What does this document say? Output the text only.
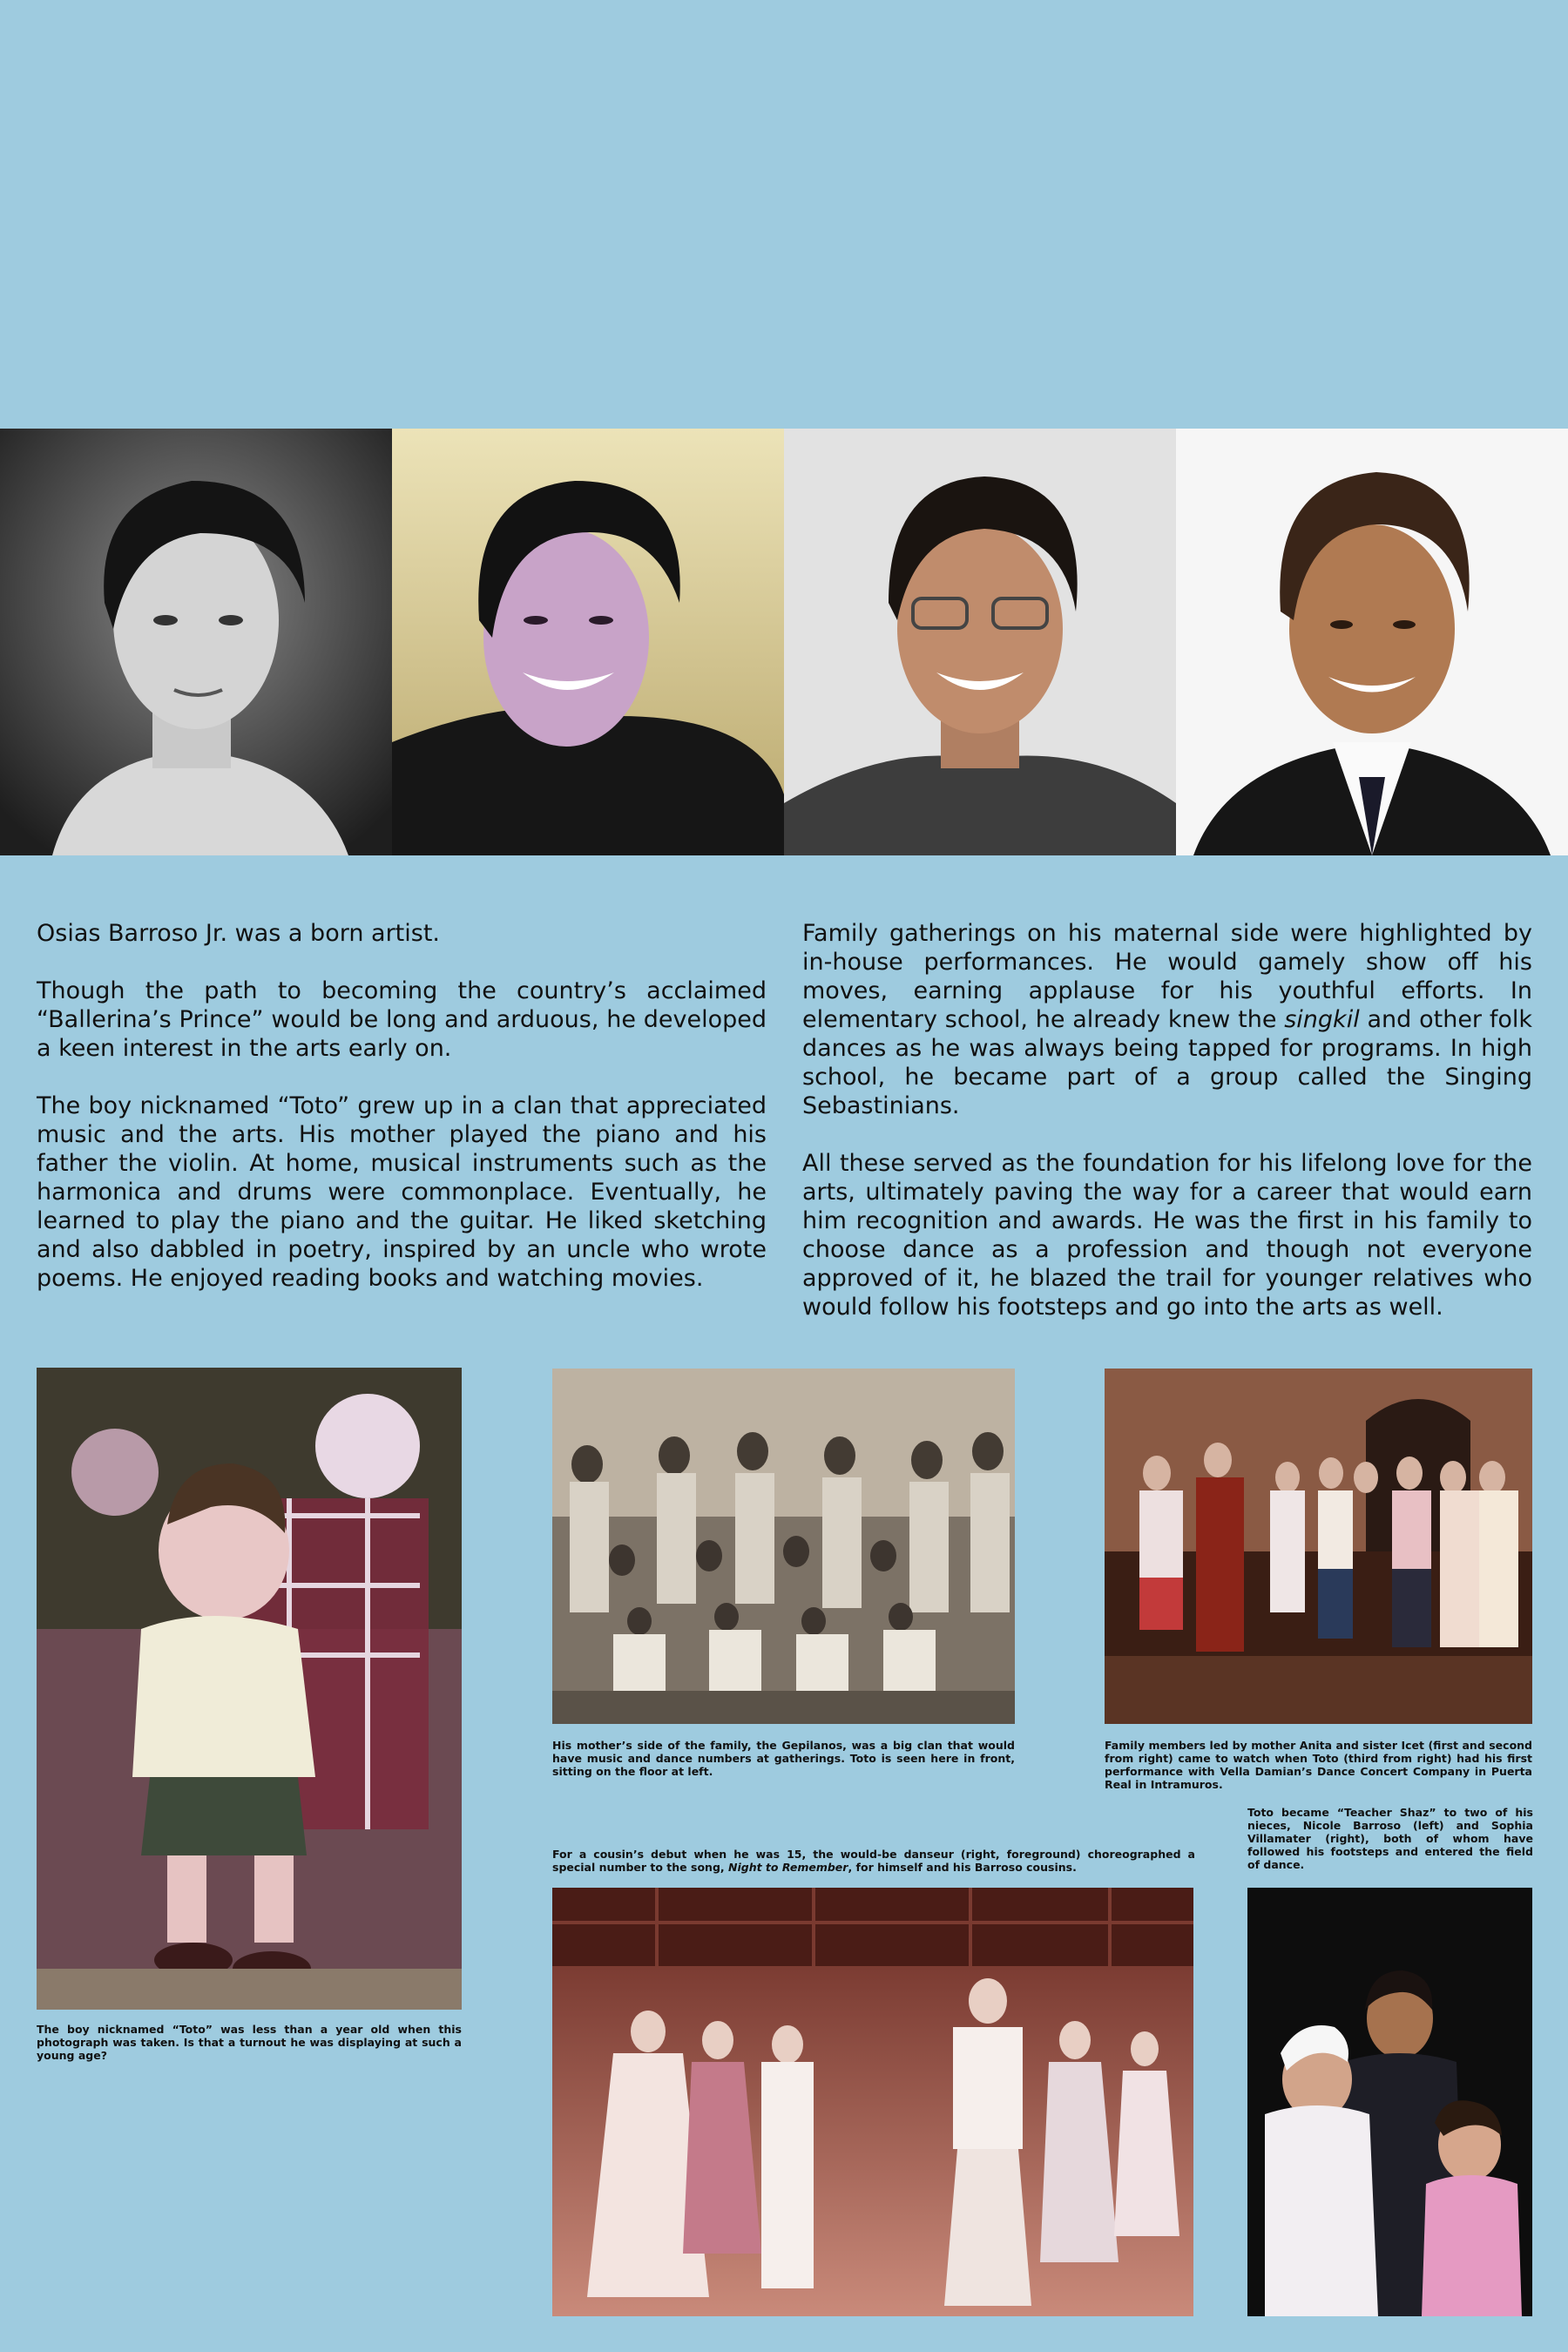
Osias Barroso Jr. was a born artist.

Though the path to becoming the country’s acclaimed “Ballerina’s Prince” would be long and arduous, he developed a keen interest in the arts early on.

The boy nicknamed “Toto” grew up in a clan that appreciated music and the arts. His mother played the piano and his father the violin. At home, musical instruments such as the harmonica and drums were commonplace. Eventually, he learned to play the piano and the guitar. He liked sketching and also dabbled in poetry, inspired by an uncle who wrote poems. He enjoyed reading books and watching movies.

Family gatherings on his maternal side were highlighted by in-house performances. He would gamely show off his moves, earning applause for his youthful efforts. In elementary school, he already knew the singkil and other folk dances as he was always being tapped for programs. In high school, he became part of a group called the Singing Sebastinians.

All these served as the foundation for his lifelong love for the arts, ultimately paving the way for a career that would earn him recognition and awards. He was the first in his family to choose dance as a profession and though not everyone approved of it, he blazed the trail for younger relatives who would follow his footsteps and go into the arts as well.

The boy nicknamed “Toto” was less than a year old when this photograph was taken. Is that a turnout he was displaying at such a young age?
His mother’s side of the family, the Gepilanos, was a big clan that would have music and dance numbers at gatherings. Toto is seen here in front, sitting on the floor at left.
Family members led by mother Anita and sister Icet (first and second from right) came to watch when Toto (third from right) had his first performance with Vella Damian’s Dance Concert Company in Puerta Real in Intramuros.
For a cousin’s debut when he was 15, the would-be danseur (right, foreground) choreographed a special number to the song, Night to Remember, for himself and his Barroso cousins.
Toto became “Teacher Shaz” to two of his nieces, Nicole Barroso (left) and Sophia Villamater (right), both of whom have followed his footsteps and entered the field of dance.
